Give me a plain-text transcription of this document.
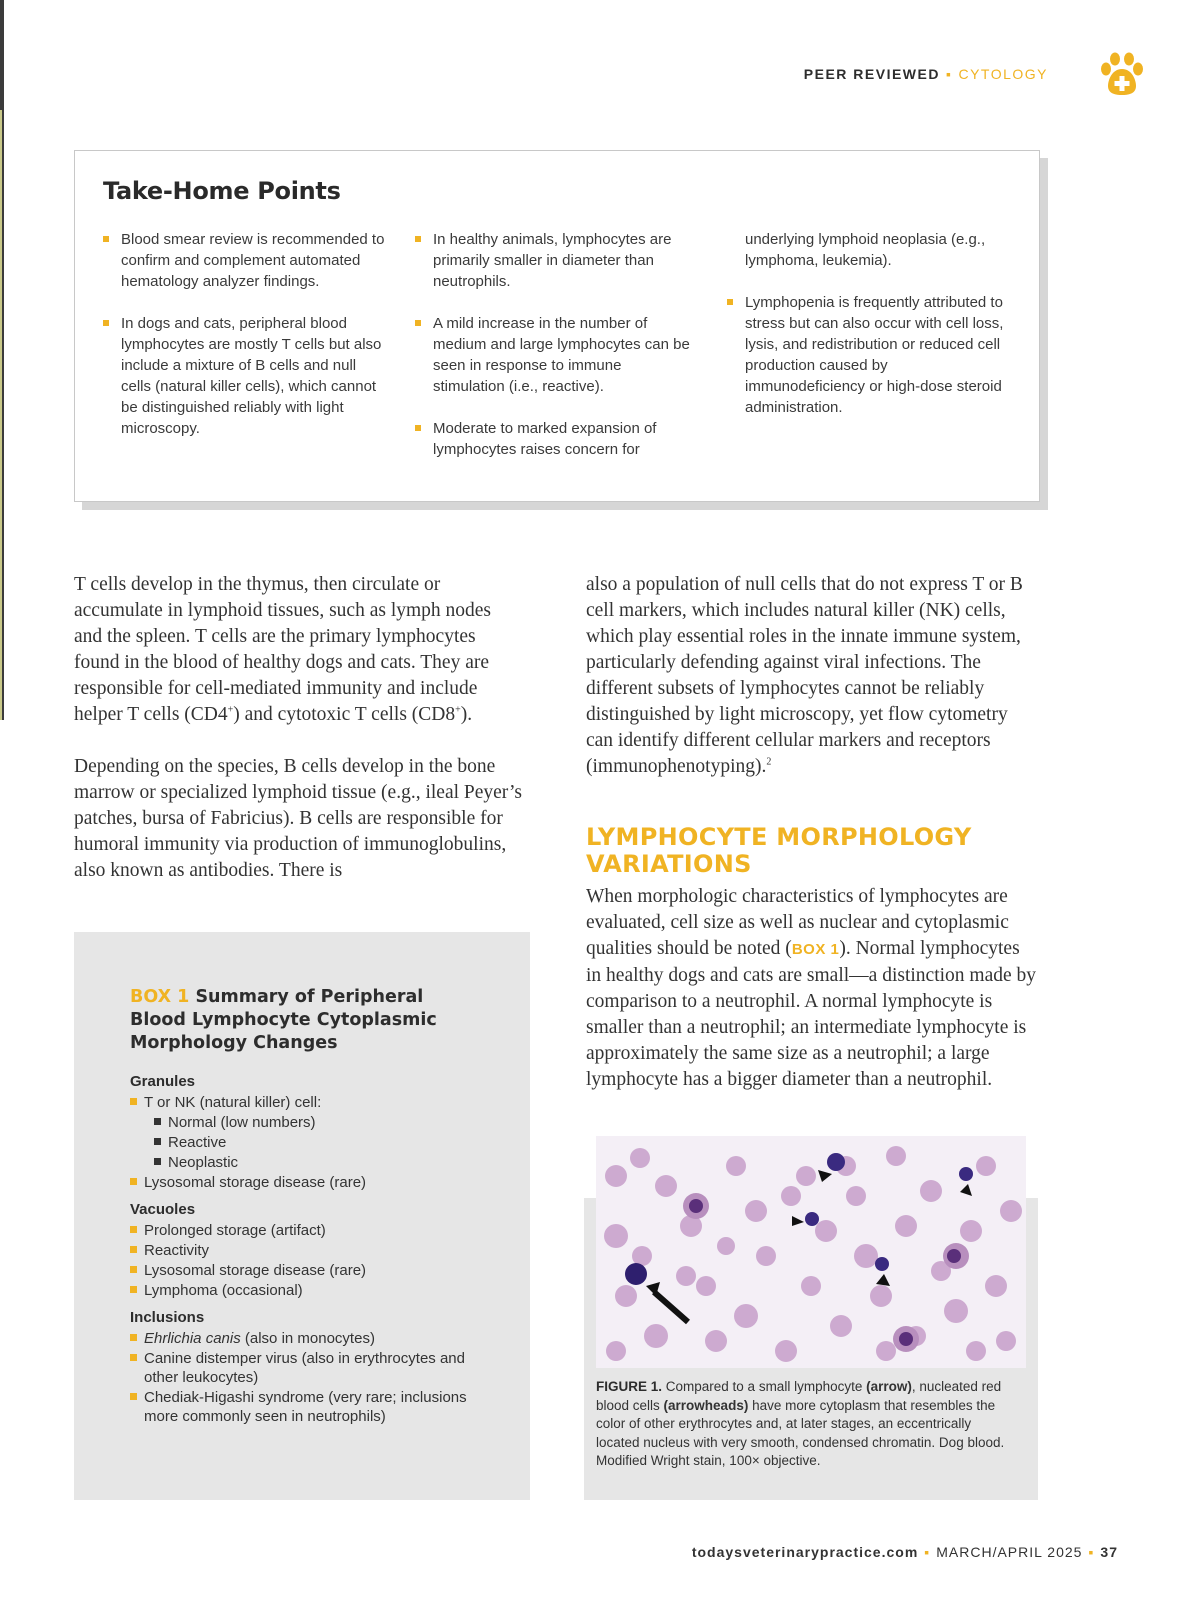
PEER REVIEWED ▪ CYTOLOGY
Take-Home Points
Blood smear review is recommended to confirm and complement automated hematology analyzer findings.
In dogs and cats, peripheral blood lymphocytes are mostly T cells but also include a mixture of B cells and null cells (natural killer cells), which cannot be distinguished reliably with light microscopy.
In healthy animals, lymphocytes are primarily smaller in diameter than neutrophils.
A mild increase in the number of medium and large lymphocytes can be seen in response to immune stimulation (i.e., reactive).
Moderate to marked expansion of lymphocytes raises concern for
underlying lymphoid neoplasia (e.g., lymphoma, leukemia).
Lymphopenia is frequently attributed to stress but can also occur with cell loss, lysis, and redistribution or reduced cell production caused by immunodeficiency or high-dose steroid administration.

T cells develop in the thymus, then circulate or accumulate in lymphoid tissues, such as lymph nodes and the spleen. T cells are the primary lymphocytes found in the blood of healthy dogs and cats. They are responsible for cell-mediated immunity and include helper T cells (CD4+) and cytotoxic T cells (CD8+).

Depending on the species, B cells develop in the bone marrow or specialized lymphoid tissue (e.g., ileal Peyer’s patches, bursa of Fabricius). B cells are responsible for humoral immunity via production of immunoglobulins, also known as antibodies. There is

also a population of null cells that do not express T or B cell markers, which includes natural killer (NK) cells, which play essential roles in the innate immune system, particularly defending against viral infections. The different subsets of lymphocytes cannot be reliably distinguished by light microscopy, yet flow cytometry can identify different cellular markers and receptors (immunophenotyping).$^2$

LYMPHOCYTE MORPHOLOGY VARIATIONS

When morphologic characteristics of lymphocytes are evaluated, cell size as well as nuclear and cytoplasmic qualities should be noted (BOX 1). Normal lymphocytes in healthy dogs and cats are small—a distinction made by comparison to a neutrophil. A normal lymphocyte is smaller than a neutrophil; an intermediate lymphocyte is approximately the same size as a neutrophil; a large lymphocyte has a bigger diameter than a neutrophil.

BOX 1 Summary of Peripheral Blood Lymphocyte Cytoplasmic Morphology Changes
Granules
T or NK (natural killer) cell:
Normal (low numbers)
Reactive
Neoplastic
Lysosomal storage disease (rare)
Vacuoles
Prolonged storage (artifact)
Reactivity
Lysosomal storage disease (rare)
Lymphoma (occasional)
Inclusions
Ehrlichia canis (also in monocytes)
Canine distemper virus (also in erythrocytes and other leukocytes)
Chediak-Higashi syndrome (very rare; inclusions more commonly seen in neutrophils)
FIGURE 1. Compared to a small lymphocyte (arrow), nucleated red blood cells (arrowheads) have more cytoplasm that resembles the color of other erythrocytes and, at later stages, an eccentrically located nucleus with very smooth, condensed chromatin. Dog blood. Modified Wright stain, 100× objective.
todaysveterinarypractice.com ▪ MARCH/APRIL 2025 ▪ 37
